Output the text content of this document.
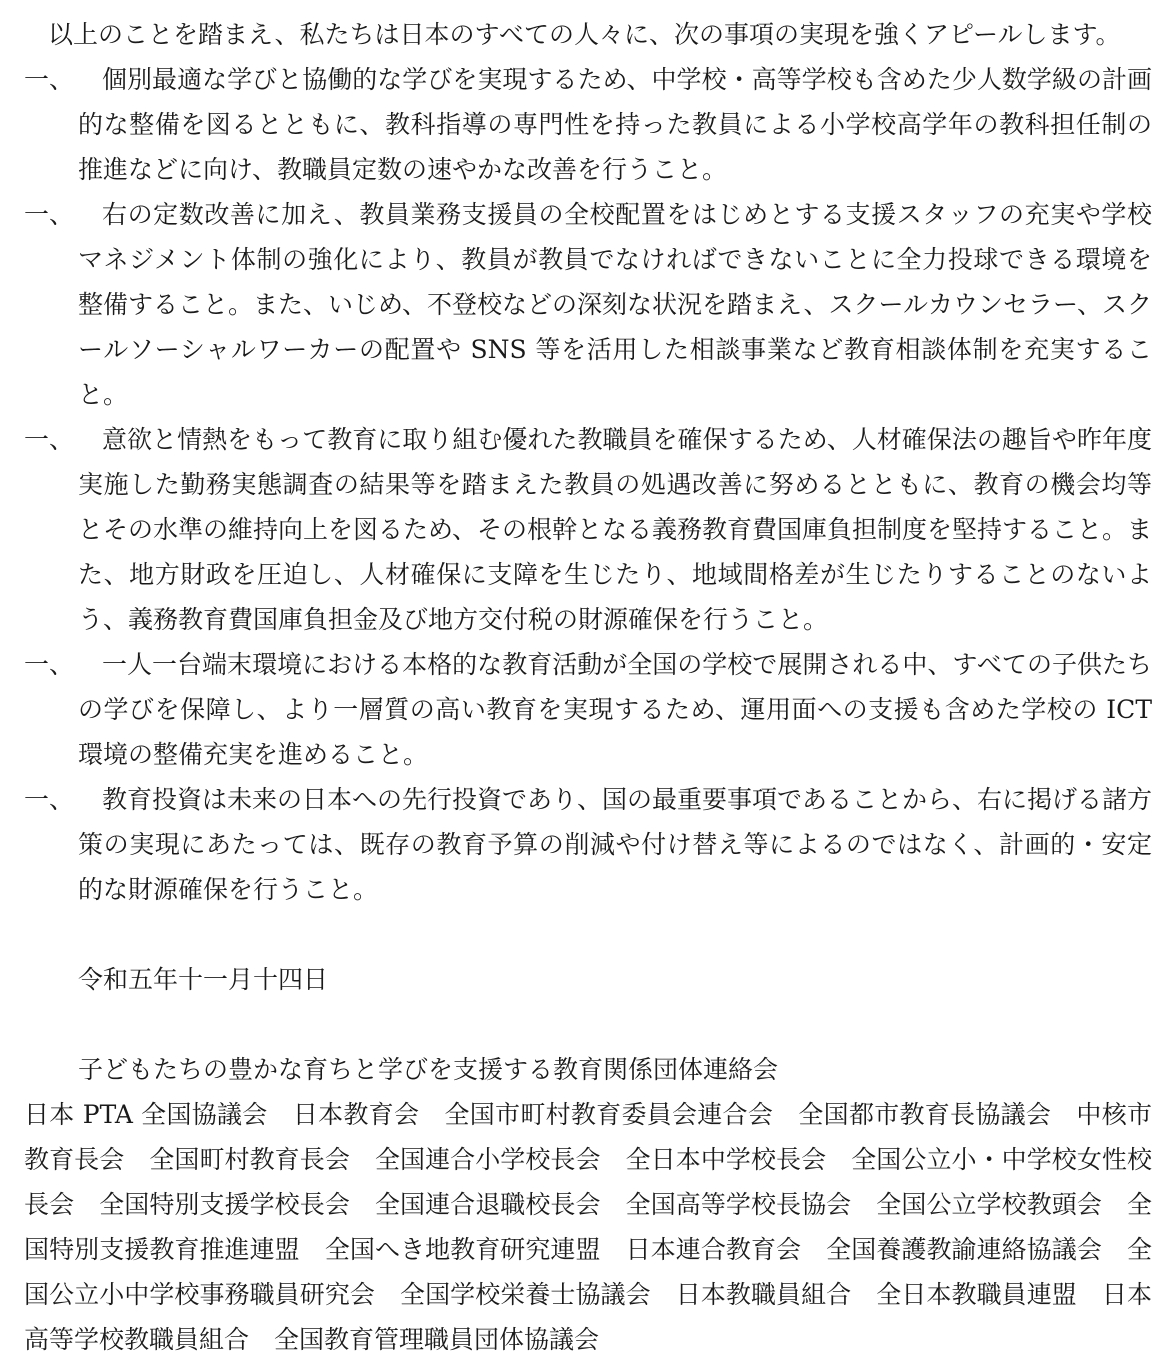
以上のことを踏まえ、私たちは日本のすべての人々に、次の事項の実現を強くアピールします。

一、	個別最適な学びと協働的な学びを実現するため、中学校・高等学校も含めた少人数学級の計画的な整備を図るとともに、教科指導の専門性を持った教員による小学校高学年の教科担任制の推進などに向け、教職員定数の速やかな改善を行うこと。
一、	右の定数改善に加え、教員業務支援員の全校配置をはじめとする支援スタッフの充実や学校マネジメント体制の強化により、教員が教員でなければできないことに全力投球できる環境を整備すること。また、いじめ、不登校などの深刻な状況を踏まえ、スクールカウンセラー、スクールソーシャルワーカーの配置や SNS 等を活用した相談事業など教育相談体制を充実すること。
一、	意欲と情熱をもって教育に取り組む優れた教職員を確保するため、人材確保法の趣旨や昨年度実施した勤務実態調査の結果等を踏まえた教員の処遇改善に努めるとともに、教育の機会均等とその水準の維持向上を図るため、その根幹となる義務教育費国庫負担制度を堅持すること。また、地方財政を圧迫し、人材確保に支障を生じたり、地域間格差が生じたりすることのないよう、義務教育費国庫負担金及び地方交付税の財源確保を行うこと。
一、	一人一台端末環境における本格的な教育活動が全国の学校で展開される中、すべての子供たちの学びを保障し、より一層質の高い教育を実現するため、運用面への支援も含めた学校の ICT 環境の整備充実を進めること。
一、	教育投資は未来の日本への先行投資であり、国の最重要事項であることから、右に掲げる諸方策の実現にあたっては、既存の教育予算の削減や付け替え等によるのではなく、計画的・安定的な財源確保を行うこと。

令和五年十一月十四日

子どもたちの豊かな育ちと学びを支援する教育関係団体連絡会

日本 PTA 全国協議会　日本教育会　全国市町村教育委員会連合会　全国都市教育長協議会　中核市教育長会　全国町村教育長会　全国連合小学校長会　全日本中学校長会　全国公立小・中学校女性校長会　全国特別支援学校長会　全国連合退職校長会　全国高等学校長協会　全国公立学校教頭会　全国特別支援教育推進連盟　全国へき地教育研究連盟　日本連合教育会　全国養護教諭連絡協議会　全国公立小中学校事務職員研究会　全国学校栄養士協議会　日本教職員組合　全日本教職員連盟　日本高等学校教職員組合　全国教育管理職員団体協議会
